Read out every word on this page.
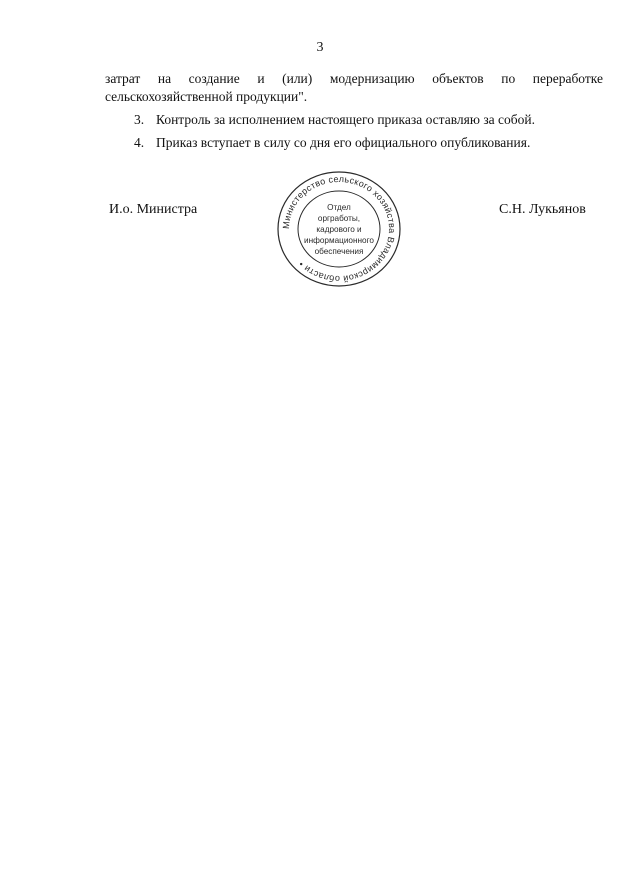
3
затрат на создание и (или) модернизацию объектов по переработке
сельскохозяйственной продукции".
3. Контроль за исполнением настоящего приказа оставляю за собой.
4. Приказ вступает в силу со дня его официального опубликования.
И.о. Министра
Министерство сельского хозяйства Владимирской области •
Отдел
оргработы,
кадрового и
информационного
обеспечения
С.Н. Лукьянов
